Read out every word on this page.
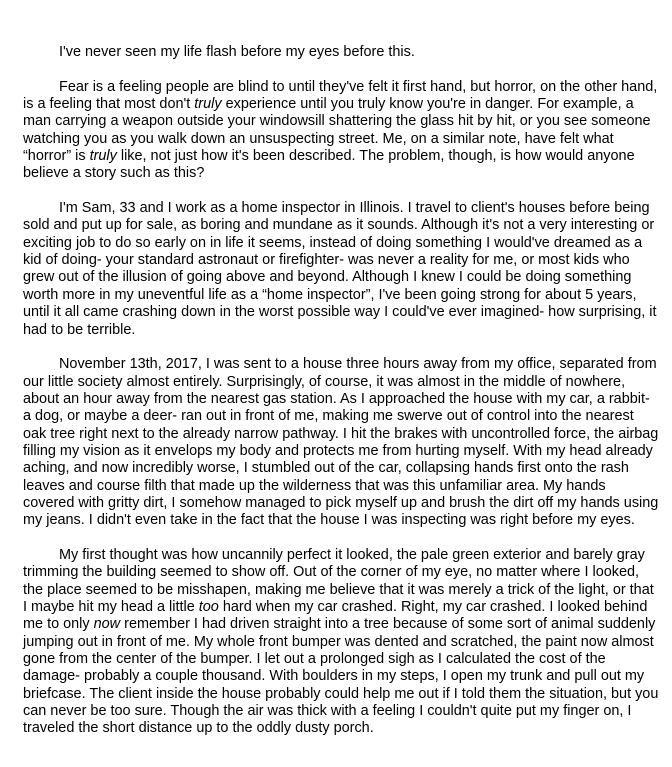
I've never seen my life flash before my eyes before this.

Fear is a feeling people are blind to until they've felt it first hand, but horror, on the other hand, is a feeling that most don't truly experience until you truly know you're in danger. For example, a man carrying a weapon outside your windowsill shattering the glass hit by hit, or you see someone watching you as you walk down an unsuspecting street. Me, on a similar note, have felt what “horror” is truly like, not just how it's been described. The problem, though, is how would anyone believe a story such as this?

I'm Sam, 33 and I work as a home inspector in Illinois. I travel to client's houses before being sold and put up for sale, as boring and mundane as it sounds. Although it's not a very interesting or exciting job to do so early on in life it seems, instead of doing something I would've dreamed as a kid of doing- your standard astronaut or firefighter- was never a reality for me, or most kids who grew out of the illusion of going above and beyond. Although I knew I could be doing something worth more in my uneventful life as a “home inspector”, I've been going strong for about 5 years, until it all came crashing down in the worst possible way I could've ever imagined- how surprising, it had to be terrible.

November 13th, 2017, I was sent to a house three hours away from my office, separated from our little society almost entirely. Surprisingly, of course, it was almost in the middle of nowhere, about an hour away from the nearest gas station. As I approached the house with my car, a rabbit- a dog, or maybe a deer- ran out in front of me, making me swerve out of control into the nearest oak tree right next to the already narrow pathway. I hit the brakes with uncontrolled force, the airbag filling my vision as it envelops my body and protects me from hurting myself. With my head already aching, and now incredibly worse, I stumbled out of the car, collapsing hands first onto the rash leaves and course filth that made up the wilderness that was this unfamiliar area. My hands covered with gritty dirt, I somehow managed to pick myself up and brush the dirt off my hands using my jeans. I didn't even take in the fact that the house I was inspecting was right before my eyes.

My first thought was how uncannily perfect it looked, the pale green exterior and barely gray trimming the building seemed to show off. Out of the corner of my eye, no matter where I looked, the place seemed to be misshapen, making me believe that it was merely a trick of the light, or that I maybe hit my head a little too hard when my car crashed. Right, my car crashed. I looked behind me to only now remember I had driven straight into a tree because of some sort of animal suddenly jumping out in front of me. My whole front bumper was dented and scratched, the paint now almost gone from the center of the bumper. I let out a prolonged sigh as I calculated the cost of the damage- probably a couple thousand. With boulders in my steps, I open my trunk and pull out my briefcase. The client inside the house probably could help me out if I told them the situation, but you can never be too sure. Though the air was thick with a feeling I couldn't quite put my finger on, I traveled the short distance up to the oddly dusty porch.
